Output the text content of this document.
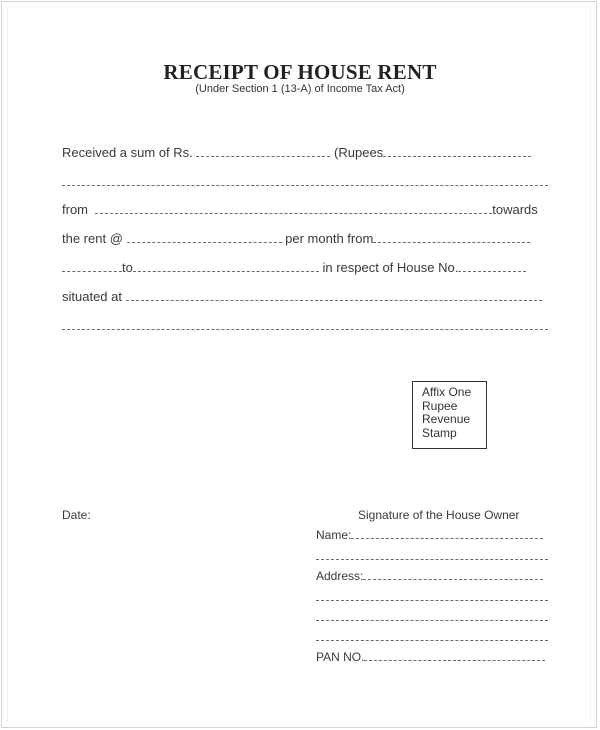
RECEIPT OF HOUSE RENT
(Under Section 1 (13-A) of Income Tax Act)
Received a sum of Rs.	(Rupees
from	towards
the rent @	per month from
to	in respect of House No.
situated at
Affix One
Rupee
Revenue
Stamp
Date:	Signature of the House Owner
Name:
Address:
PAN NO.
